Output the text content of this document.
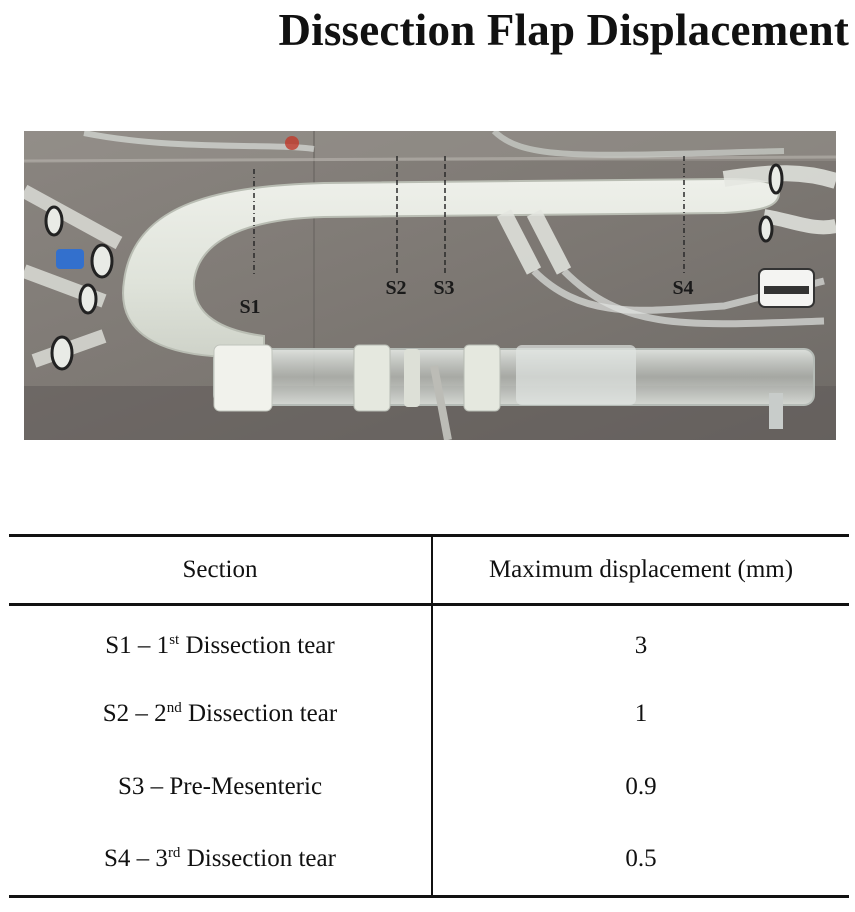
Dissection Flap Displacement
S1
S2 S3	S4
Section	Maximum displacement (mm)
S1 – 1st Dissection tear	3
S2 – 2nd Dissection tear	1
S3 – Pre-Mesenteric	0.9
S4 – 3rd Dissection tear	0.5
